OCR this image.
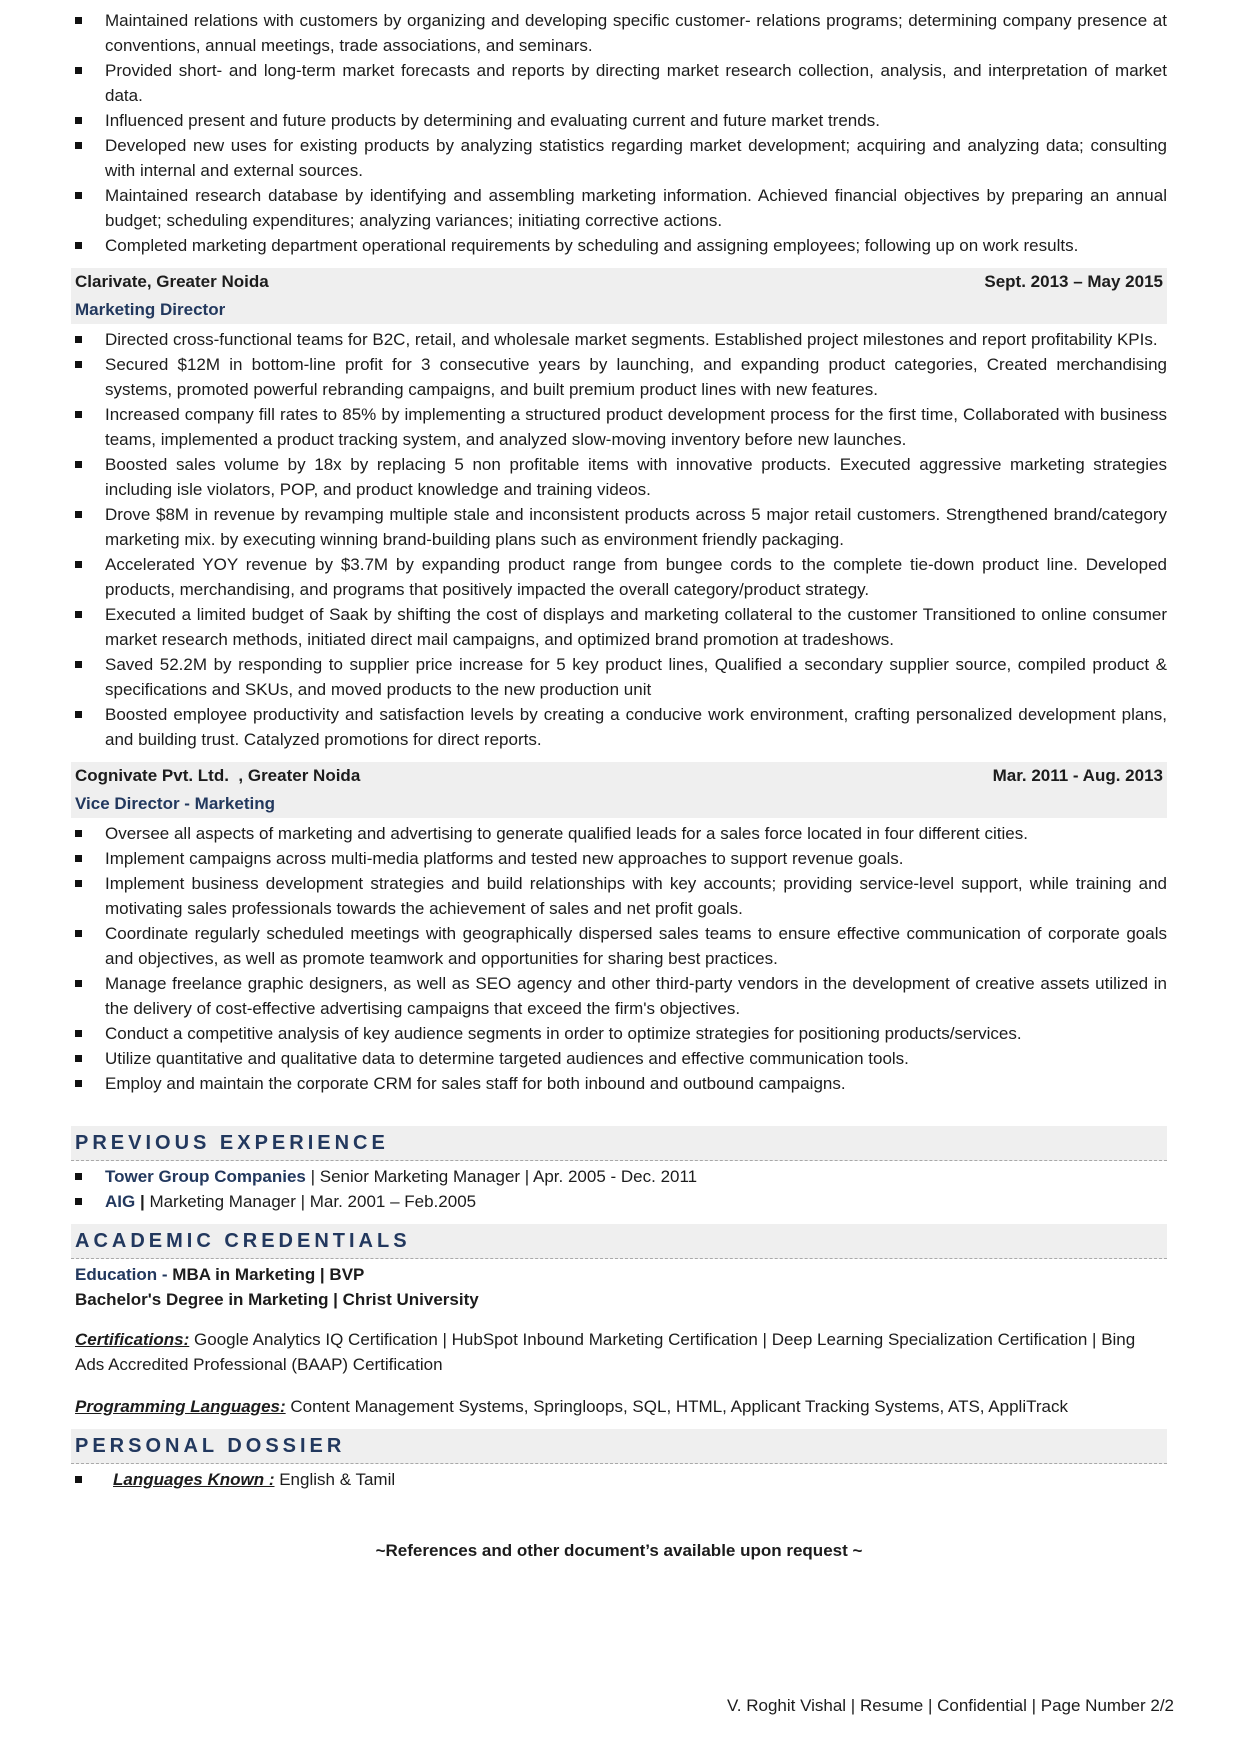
Maintained relations with customers by organizing and developing specific customer- relations programs; determining company presence at conventions, annual meetings, trade associations, and seminars.
Provided short- and long-term market forecasts and reports by directing market research collection, analysis, and interpretation of market data.
Influenced present and future products by determining and evaluating current and future market trends.
Developed new uses for existing products by analyzing statistics regarding market development; acquiring and analyzing data; consulting with internal and external sources.
Maintained research database by identifying and assembling marketing information. Achieved financial objectives by preparing an annual budget; scheduling expenditures; analyzing variances; initiating corrective actions.
Completed marketing department operational requirements by scheduling and assigning employees; following up on work results.
Clarivate, Greater Noida	Sept. 2013 – May 2015
Marketing Director
Directed cross-functional teams for B2C, retail, and wholesale market segments. Established project milestones and report profitability KPIs.
Secured $12M in bottom-line profit for 3 consecutive years by launching, and expanding product categories, Created merchandising systems, promoted powerful rebranding campaigns, and built premium product lines with new features.
Increased company fill rates to 85% by implementing a structured product development process for the first time, Collaborated with business teams, implemented a product tracking system, and analyzed slow-moving inventory before new launches.
Boosted sales volume by 18x by replacing 5 non profitable items with innovative products. Executed aggressive marketing strategies including isle violators, POP, and product knowledge and training videos.
Drove $8M in revenue by revamping multiple stale and inconsistent products across 5 major retail customers. Strengthened brand/category marketing mix. by executing winning brand-building plans such as environment friendly packaging.
Accelerated YOY revenue by $3.7M by expanding product range from bungee cords to the complete tie-down product line. Developed products, merchandising, and programs that positively impacted the overall category/product strategy.
Executed a limited budget of Saak by shifting the cost of displays and marketing collateral to the customer Transitioned to online consumer market research methods, initiated direct mail campaigns, and optimized brand promotion at tradeshows.
Saved 52.2M by responding to supplier price increase for 5 key product lines, Qualified a secondary supplier source, compiled product & specifications and SKUs, and moved products to the new production unit
Boosted employee productivity and satisfaction levels by creating a conducive work environment, crafting personalized development plans, and building trust. Catalyzed promotions for direct reports.
Cognivate Pvt. Ltd.  , Greater Noida	Mar. 2011 - Aug. 2013
Vice Director - Marketing
Oversee all aspects of marketing and advertising to generate qualified leads for a sales force located in four different cities.
Implement campaigns across multi-media platforms and tested new approaches to support revenue goals.
Implement business development strategies and build relationships with key accounts; providing service-level support, while training and motivating sales professionals towards the achievement of sales and net profit goals.
Coordinate regularly scheduled meetings with geographically dispersed sales teams to ensure effective communication of corporate goals and objectives, as well as promote teamwork and opportunities for sharing best practices.
Manage freelance graphic designers, as well as SEO agency and other third-party vendors in the development of creative assets utilized in the delivery of cost-effective advertising campaigns that exceed the firm's objectives.
Conduct a competitive analysis of key audience segments in order to optimize strategies for positioning products/services.
Utilize quantitative and qualitative data to determine targeted audiences and effective communication tools.
Employ and maintain the corporate CRM for sales staff for both inbound and outbound campaigns.
PREVIOUS EXPERIENCE
Tower Group Companies | Senior Marketing Manager | Apr. 2005 - Dec. 2011
AIG | Marketing Manager | Mar. 2001 – Feb.2005
ACADEMIC CREDENTIALS
Education - MBA in Marketing | BVP
Bachelor's Degree in Marketing | Christ University
Certifications: Google Analytics IQ Certification | HubSpot Inbound Marketing Certification | Deep Learning Specialization Certification | Bing Ads Accredited Professional (BAAP) Certification
Programming Languages: Content Management Systems, Springloops, SQL, HTML, Applicant Tracking Systems, ATS, AppliTrack
PERSONAL DOSSIER
Languages Known : English & Tamil
~References and other document’s available upon request ~
V. Roghit Vishal | Resume | Confidential | Page Number 2/2
